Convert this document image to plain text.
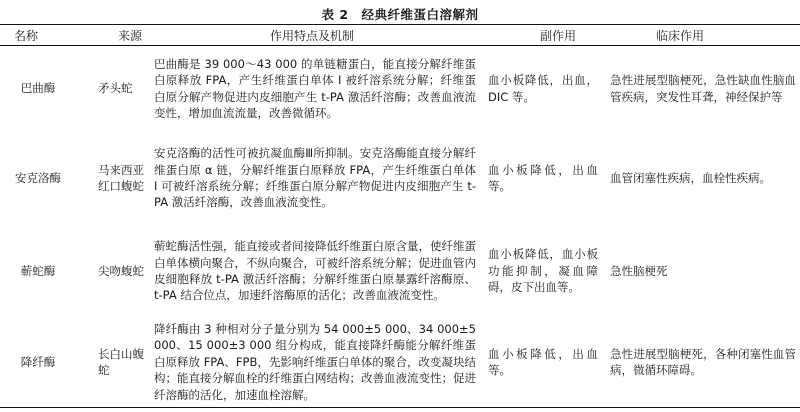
表 2　经典纤维蛋白溶解剂
名称	来源	作用特点及机制	副作用	临床作用
巴曲酶	矛头蛇	巴曲酶是 39 000～43 000 的单链糖蛋白，能直接分解纤维蛋白原释放 FPA，产生纤维蛋白单体 I 被纤溶系统分解；纤维蛋白原分解产物促进内皮细胞产生 t-PA 激活纤溶酶；改善血液流变性，增加血流流量，改善微循环。	血小板降低，出血，DIC 等。	急性进展型脑梗死，急性缺血性脑血管疾病，突发性耳聋，神经保护等
安克洛酶	马来西亚红口蝮蛇	安克洛酶的活性可被抗凝血酶Ⅲ所抑制。安克洛酶能直接分解纤维蛋白原 α 链，分解纤维蛋白原释放 FPA，产生纤维蛋白单体 I 可被纤溶系统分解；纤维蛋白原分解产物促进内皮细胞产生 t-PA 激活纤溶酶，改善血液流变性。	血小板降低，出血等。	血管闭塞性疾病，血栓性疾病。
蕲蛇酶	尖吻蝮蛇	蕲蛇酶活性强，能直接或者间接降低纤维蛋白原含量，使纤维蛋白单体横向聚合，不纵向聚合，可被纤溶系统分解；促进血管内皮细胞释放 t-PA 激活纤溶酶；分解纤维蛋白原暴露纤溶酶原、t-PA 结合位点，加速纤溶酶原的活化；改善血液流变性。	血小板降低，血小板功能抑制，凝血障碍，皮下出血等。	急性脑梗死
降纤酶	长白山蝮蛇	降纤酶由 3 种相对分子量分别为 54 000±5 000、34 000±5 000、15 000±3 000 组分构成，能直接降纤酶能分解纤维蛋白原释放 FPA、FPB，先影响纤维蛋白单体的聚合，改变凝块结构；能直接分解血栓的纤维蛋白网结构；改善血液流变性；促进纤溶酶的活化，加速血栓溶解。	血小板降低，出血等。	急性进展型脑梗死，各种闭塞性血管病，微循环障碍。
